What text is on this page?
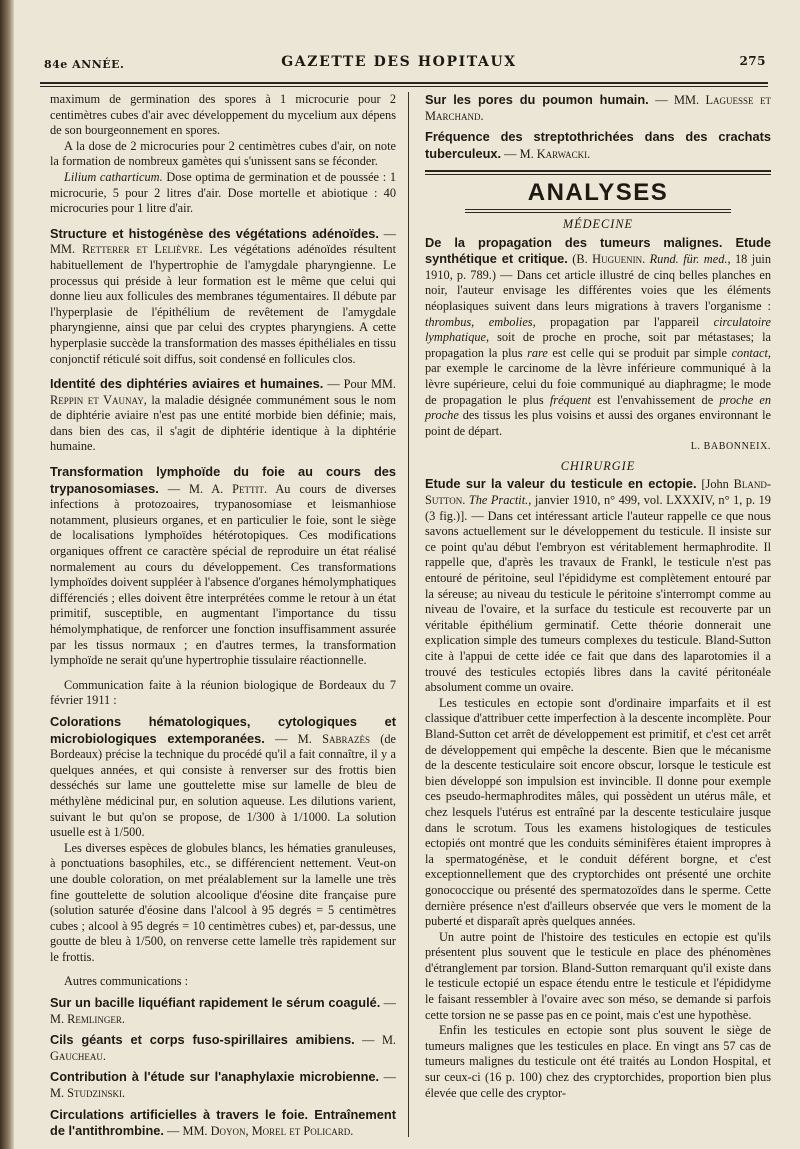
84e ANNÉE.	GAZETTE DES HOPITAUX	275

maximum de germination des spores à 1 microcurie pour 2 centimètres cubes d'air avec développement du mycelium aux dépens de son bourgeonnement en spores.

A la dose de 2 microcuries pour 2 centimètres cubes d'air, on note la formation de nombreux gamètes qui s'unissent sans se féconder.

Lilium catharticum. Dose optima de germination et de poussée : 1 microcurie, 5 pour 2 litres d'air. Dose mortelle et abiotique : 40 microcuries pour 1 litre d'air.

Structure et histogénèse des végétations adénoïdes. — MM. Retterer et Lelièvre. Les végétations adénoïdes résultent habituellement de l'hypertrophie de l'amygdale pharyngienne. Le processus qui préside à leur formation est le même que celui qui donne lieu aux follicules des membranes tégumentaires. Il débute par l'hyperplasie de l'épithélium de revêtement de l'amygdale pharyngienne, ainsi que par celui des cryptes pharyngiens. A cette hyperplasie succède la transformation des masses épithéliales en tissu conjonctif réticulé soit diffus, soit condensé en follicules clos.

Identité des diphtéries aviaires et humaines. — Pour MM. Reppin et Vaunay, la maladie désignée communément sous le nom de diphtérie aviaire n'est pas une entité morbide bien définie; mais, dans bien des cas, il s'agit de diphtérie identique à la diphtérie humaine.

Transformation lymphoïde du foie au cours des trypanosomiases. — M. A. Pettit. Au cours de diverses infections à protozoaires, trypanosomiase et leismanhiose notamment, plusieurs organes, et en particulier le foie, sont le siège de localisations lymphoïdes hétérotopiques. Ces modifications organiques offrent ce caractère spécial de reproduire un état réalisé normalement au cours du développement. Ces transformations lymphoïdes doivent suppléer à l'absence d'organes hémolymphatiques différenciés ; elles doivent être interprétées comme le retour à un état primitif, susceptible, en augmentant l'importance du tissu hémolymphatique, de renforcer une fonction insuffisamment assurée par les tissus normaux ; en d'autres termes, la transformation lymphoïde ne serait qu'une hypertrophie tissulaire réactionnelle.

Communication faite à la réunion biologique de Bordeaux du 7 février 1911 :

Colorations hématologiques, cytologiques et microbiologiques extemporanées. — M. Sabrazès (de Bordeaux) précise la technique du procédé qu'il a fait connaître, il y a quelques années, et qui consiste à renverser sur des frottis bien desséchés sur lame une gouttelette mise sur lamelle de bleu de méthylène médicinal pur, en solution aqueuse. Les dilutions varient, suivant le but qu'on se propose, de 1/300 à 1/1000. La solution usuelle est à 1/500.

Les diverses espèces de globules blancs, les hématies granuleuses, à ponctuations basophiles, etc., se différencient nettement. Veut-on une double coloration, on met préalablement sur la lamelle une très fine gouttelette de solution alcoolique d'éosine dite française pure (solution saturée d'éosine dans l'alcool à 95 degrés = 5 centimètres cubes ; alcool à 95 degrés = 10 centimètres cubes) et, par-dessus, une goutte de bleu à 1/500, on renverse cette lamelle très rapidement sur le frottis.

Autres communications :

Sur un bacille liquéfiant rapidement le sérum coagulé. — M. Remlinger.

Cils géants et corps fuso-spirillaires amibiens. — M. Gaucheau.

Contribution à l'étude sur l'anaphylaxie microbienne. — M. Studzinski.

Circulations artificielles à travers le foie. Entraînement de l'antithrombine. — MM. Doyon, Morel et Policard.

Sur les pores du poumon humain. — MM. Laguesse et Marchand.

Fréquence des streptothrichées dans des crachats tuberculeux. — M. Karwacki.

ANALYSES
MÉDECINE

De la propagation des tumeurs malignes. Etude synthétique et critique. (B. Huguenin. Rund. für. med., 18 juin 1910, p. 789.) — Dans cet article illustré de cinq belles planches en noir, l'auteur envisage les différentes voies que les éléments néoplasiques suivent dans leurs migrations à travers l'organisme : thrombus, embolies, propagation par l'appareil circulatoire lymphatique, soit de proche en proche, soit par métastases; la propagation la plus rare est celle qui se produit par simple contact, par exemple le carcinome de la lèvre inférieure communiqué à la lèvre supérieure, celui du foie communiqué au diaphragme; le mode de propagation le plus fréquent est l'envahissement de proche en proche des tissus les plus voisins et aussi des organes environnant le point de départ.

L. BABONNEIX.
CHIRURGIE

Etude sur la valeur du testicule en ectopie. [John Bland-Sutton. The Practit., janvier 1910, n° 499, vol. LXXXIV, n° 1, p. 19 (3 fig.)]. — Dans cet intéressant article l'auteur rappelle ce que nous savons actuellement sur le développement du testicule. Il insiste sur ce point qu'au début l'embryon est véritablement hermaphrodite. Il rappelle que, d'après les travaux de Frankl, le testicule n'est pas entouré de péritoine, seul l'épididyme est complètement entouré par la séreuse; au niveau du testicule le péritoine s'interrompt comme au niveau de l'ovaire, et la surface du testicule est recouverte par un véritable épithélium germinatif. Cette théorie donnerait une explication simple des tumeurs complexes du testicule. Bland-Sutton cite à l'appui de cette idée ce fait que dans des laparotomies il a trouvé des testicules ectopiés libres dans la cavité péritonéale absolument comme un ovaire.

Les testicules en ectopie sont d'ordinaire imparfaits et il est classique d'attribuer cette imperfection à la descente incomplète. Pour Bland-Sutton cet arrêt de développement est primitif, et c'est cet arrêt de développement qui empêche la descente. Bien que le mécanisme de la descente testiculaire soit encore obscur, lorsque le testicule est bien développé son impulsion est invincible. Il donne pour exemple ces pseudo-hermaphrodites mâles, qui possèdent un utérus mâle, et chez lesquels l'utérus est entraîné par la descente testiculaire jusque dans le scrotum. Tous les examens histologiques de testicules ectopiés ont montré que les conduits séminifères étaient impropres à la spermatogénèse, et le conduit déférent borgne, et c'est exceptionnellement que des cryptorchides ont présenté une orchite gonococcique ou présenté des spermatozoïdes dans le sperme. Cette dernière présence n'est d'ailleurs observée que vers le moment de la puberté et disparaît après quelques années.

Un autre point de l'histoire des testicules en ectopie est qu'ils présentent plus souvent que le testicule en place des phénomènes d'étranglement par torsion. Bland-Sutton remarquant qu'il existe dans le testicule ectopié un espace étendu entre le testicule et l'épididyme le faisant ressembler à l'ovaire avec son méso, se demande si parfois cette torsion ne se passe pas en ce point, mais c'est une hypothèse.

Enfin les testicules en ectopie sont plus souvent le siège de tumeurs malignes que les testicules en place. En vingt ans 57 cas de tumeurs malignes du testicule ont été traités au London Hospital, et sur ceux-ci (16 p. 100) chez des cryptorchides, proportion bien plus élevée que celle des cryptor-
